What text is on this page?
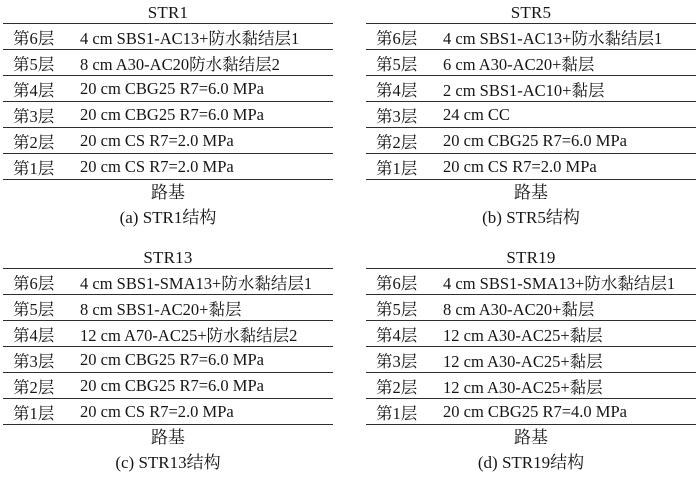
STR1
第6层	4 cm SBS1-AC13+防水黏结层1
第5层	8 cm A30-AC20防水黏结层2
第4层	20 cm CBG25 R7=6.0 MPa
第3层	20 cm CBG25 R7=6.0 MPa
第2层	20 cm CS R7=2.0 MPa
第1层	20 cm CS R7=2.0 MPa
路基
(a) STR1结构
STR5
第6层	4 cm SBS1-AC13+防水黏结层1
第5层	6 cm A30-AC20+黏层
第4层	2 cm SBS1-AC10+黏层
第3层	24 cm CC
第2层	20 cm CBG25 R7=6.0 MPa
第1层	20 cm CS R7=2.0 MPa
路基
(b) STR5结构
STR13
第6层	4 cm SBS1-SMA13+防水黏结层1
第5层	8 cm SBS1-AC20+黏层
第4层	12 cm A70-AC25+防水黏结层2
第3层	20 cm CBG25 R7=6.0 MPa
第2层	20 cm CBG25 R7=6.0 MPa
第1层	20 cm CS R7=2.0 MPa
路基
(c) STR13结构
STR19
第6层	4 cm SBS1-SMA13+防水黏结层1
第5层	8 cm A30-AC20+黏层
第4层	12 cm A30-AC25+黏层
第3层	12 cm A30-AC25+黏层
第2层	12 cm A30-AC25+黏层
第1层	20 cm CBG25 R7=4.0 MPa
路基
(d) STR19结构
